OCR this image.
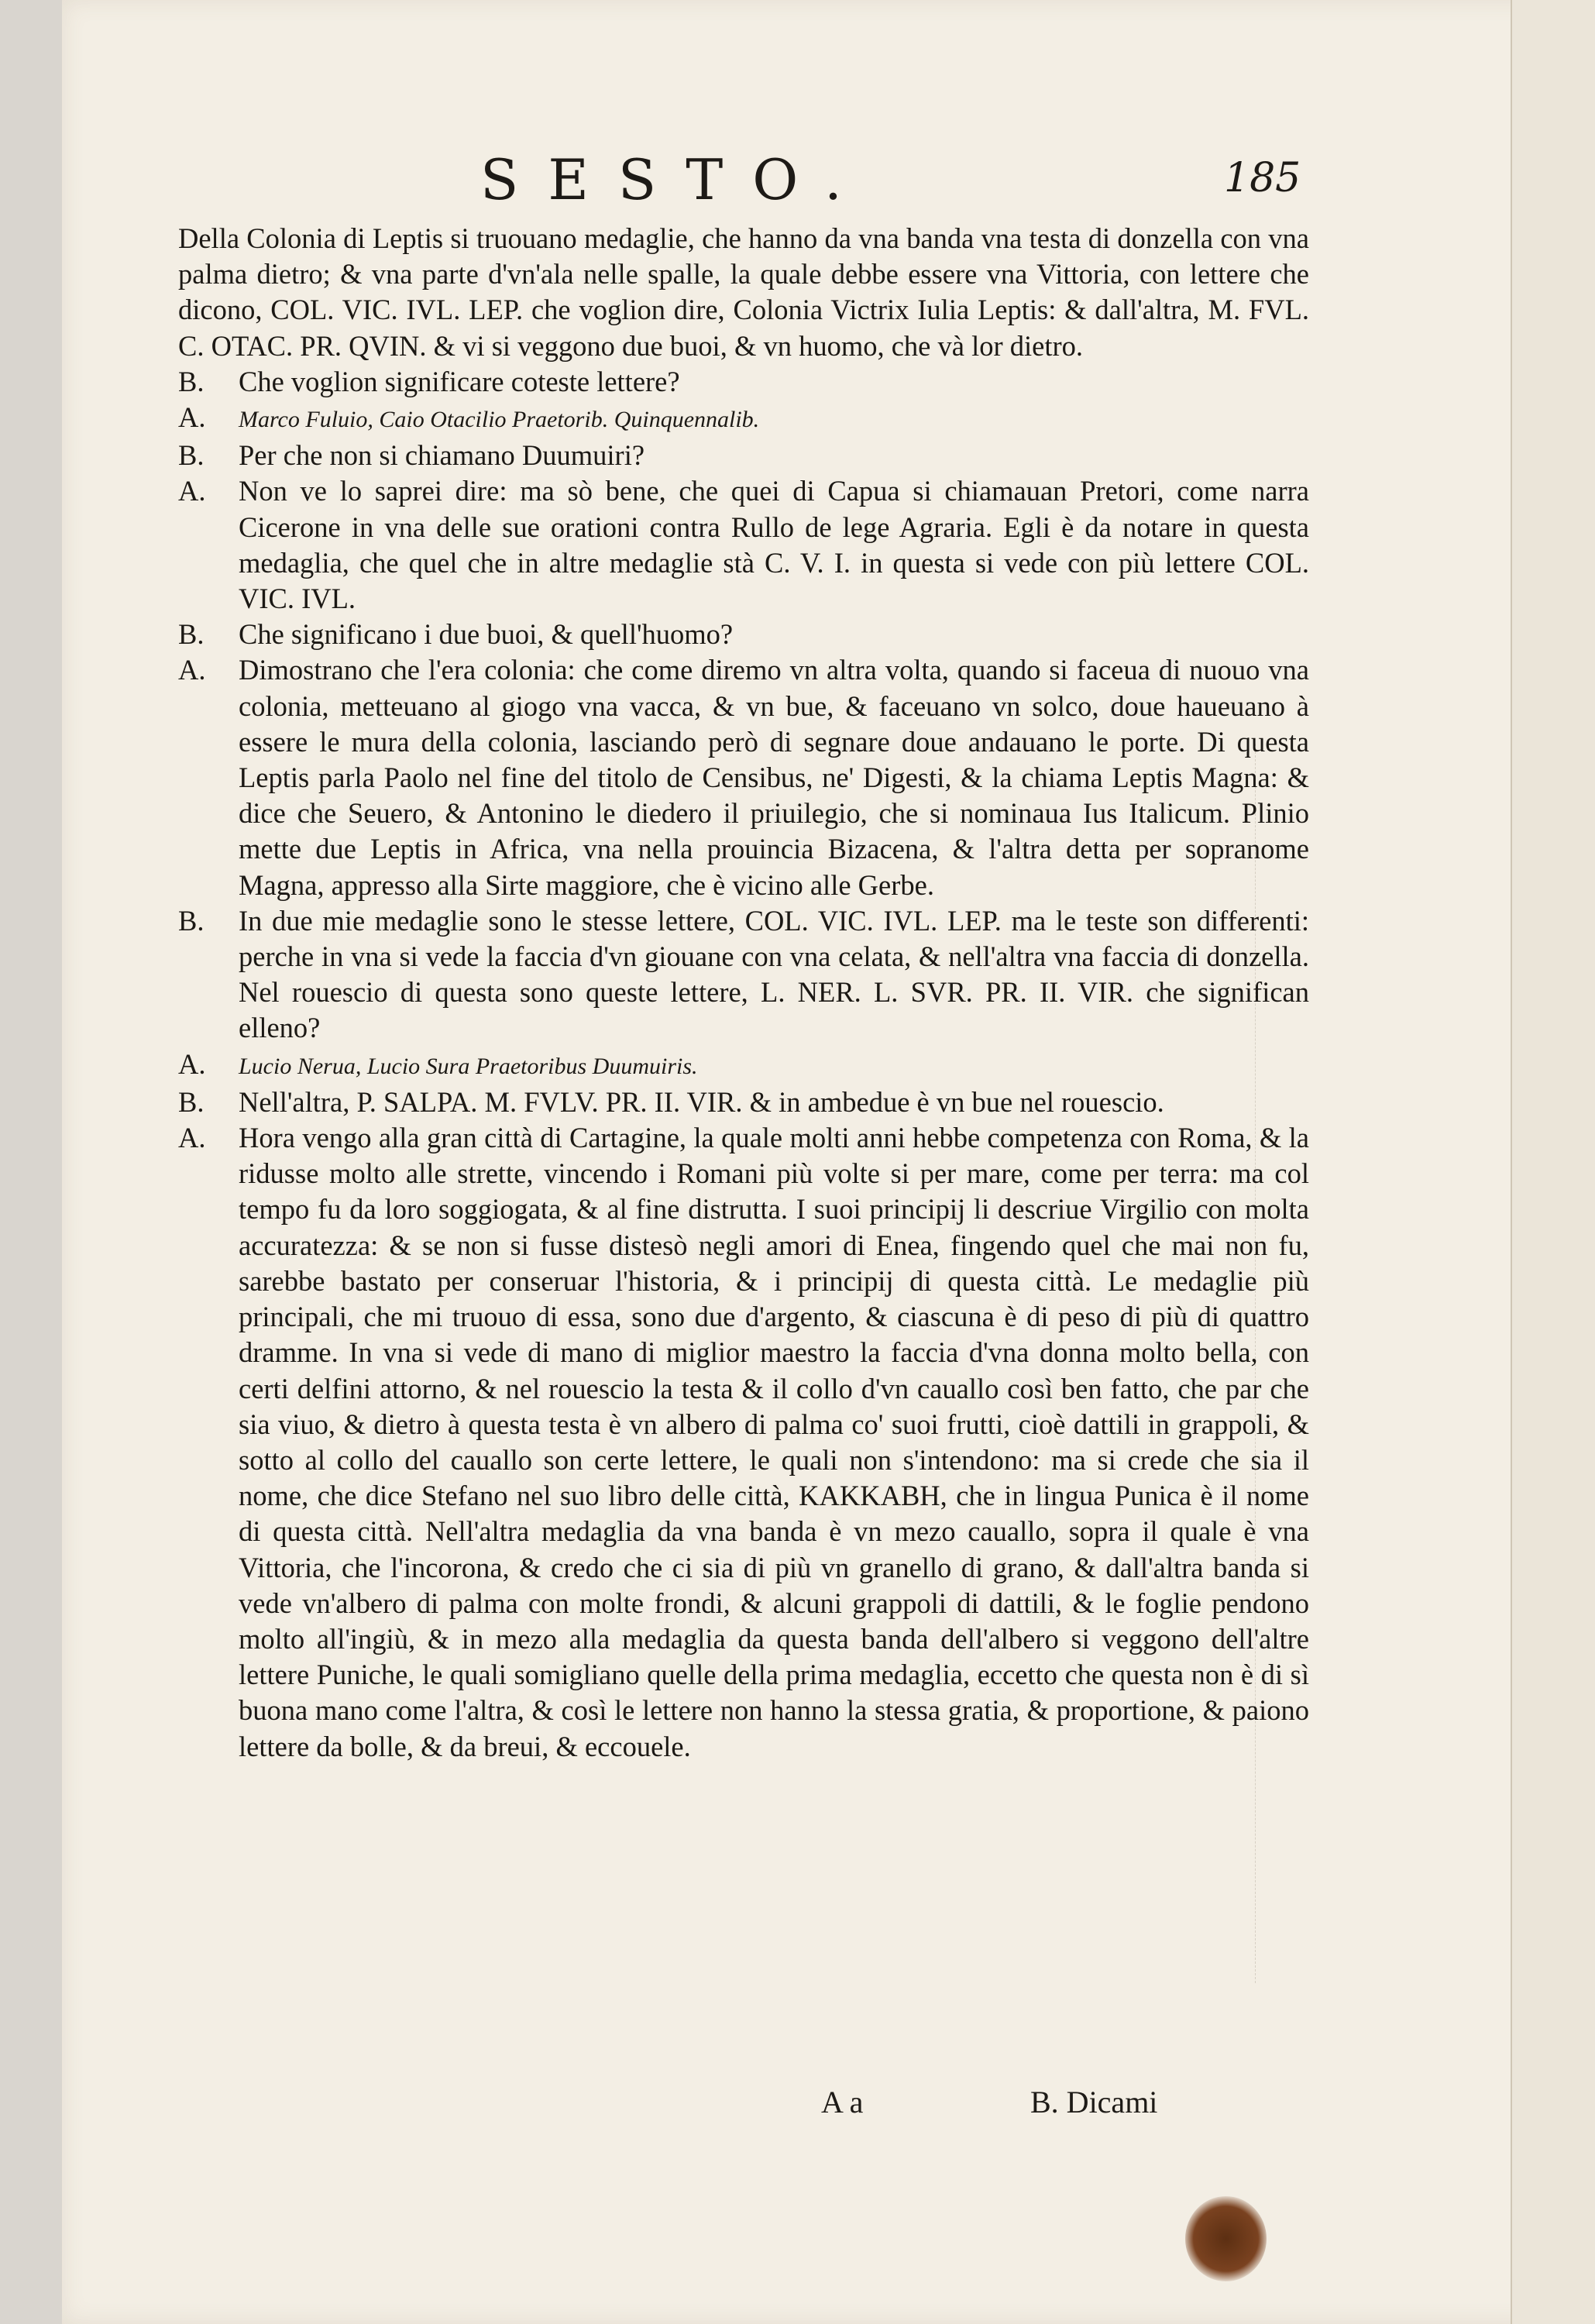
SESTO.	185
Della Colonia di Leptis si truouano medaglie, che hanno da vna banda vna testa di donzella con vna palma dietro; & vna parte d'vn'ala nelle spalle, la quale debbe essere vna Vittoria, con lettere che dicono, COL. VIC. IVL. LEP. che voglion dire, Colonia Victrix Iulia Leptis: & dall'altra, M. FVL. C. OTAC. PR. QVIN. & vi si veggono due buoi, & vn huomo, che và lor dietro.
B.	Che voglion significare coteste lettere?
A.	Marco Fuluio, Caio Otacilio Praetorib. Quinquennalib.
B.	Per che non si chiamano Duumuiri?
A.	Non ve lo saprei dire: ma sò bene, che quei di Capua si chiamauan Pretori, come narra Cicerone in vna delle sue orationi contra Rullo de lege Agraria. Egli è da notare in questa medaglia, che quel che in altre medaglie stà C. V. I. in questa si vede con più lettere COL. VIC. IVL.
B.	Che significano i due buoi, & quell'huomo?
A.	Dimostrano che l'era colonia: che come diremo vn altra volta, quando si faceua di nuouo vna colonia, metteuano al giogo vna vacca, & vn bue, & faceuano vn solco, doue haueuano à essere le mura della colonia, lasciando però di segnare doue andauano le porte. Di questa Leptis parla Paolo nel fine del titolo de Censibus, ne' Digesti, & la chiama Leptis Magna: & dice che Seuero, & Antonino le diedero il priuilegio, che si nominaua Ius Italicum. Plinio mette due Leptis in Africa, vna nella prouincia Bizacena, & l'altra detta per sopranome Magna, appresso alla Sirte maggiore, che è vicino alle Gerbe.
B.	In due mie medaglie sono le stesse lettere, COL. VIC. IVL. LEP. ma le teste son differenti: perche in vna si vede la faccia d'vn giouane con vna celata, & nell'altra vna faccia di donzella. Nel rouescio di questa sono queste lettere, L. NER. L. SVR. PR. II. VIR. che significan elleno?
A.	Lucio Nerua, Lucio Sura Praetoribus Duumuiris.
B.	Nell'altra, P. SALPA. M. FVLV. PR. II. VIR. & in ambedue è vn bue nel rouescio.
A.	Hora vengo alla gran città di Cartagine, la quale molti anni hebbe competenza con Roma, & la ridusse molto alle strette, vincendo i Romani più volte si per mare, come per terra: ma col tempo fu da loro soggiogata, & al fine distrutta. I suoi principij li descriue Virgilio con molta accuratezza: & se non si fusse distesò negli amori di Enea, fingendo quel che mai non fu, sarebbe bastato per conseruar l'historia, & i principij di questa città. Le medaglie più principali, che mi truouo di essa, sono due d'argento, & ciascuna è di peso di più di quattro dramme. In vna si vede di mano di miglior maestro la faccia d'vna donna molto bella, con certi delfini attorno, & nel rouescio la testa & il collo d'vn cauallo così ben fatto, che par che sia viuo, & dietro à questa testa è vn albero di palma co' suoi frutti, cioè dattili in grappoli, & sotto al collo del cauallo son certe lettere, le quali non s'intendono: ma si crede che sia il nome, che dice Stefano nel suo libro delle città, KAKKABH, che in lingua Punica è il nome di questa città. Nell'altra medaglia da vna banda è vn mezo cauallo, sopra il quale è vna Vittoria, che l'incorona, & credo che ci sia di più vn granello di grano, & dall'altra banda si vede vn'albero di palma con molte frondi, & alcuni grappoli di dattili, & le foglie pendono molto all'ingiù, & in mezo alla medaglia da questa banda dell'albero si veggono dell'altre lettere Puniche, le quali somigliano quelle della prima medaglia, eccetto che questa non è di sì buona mano come l'altra, & così le lettere non hanno la stessa gratia, & proportione, & paiono lettere da bolle, & da breui, & eccouele.
A a	B. Dicami
